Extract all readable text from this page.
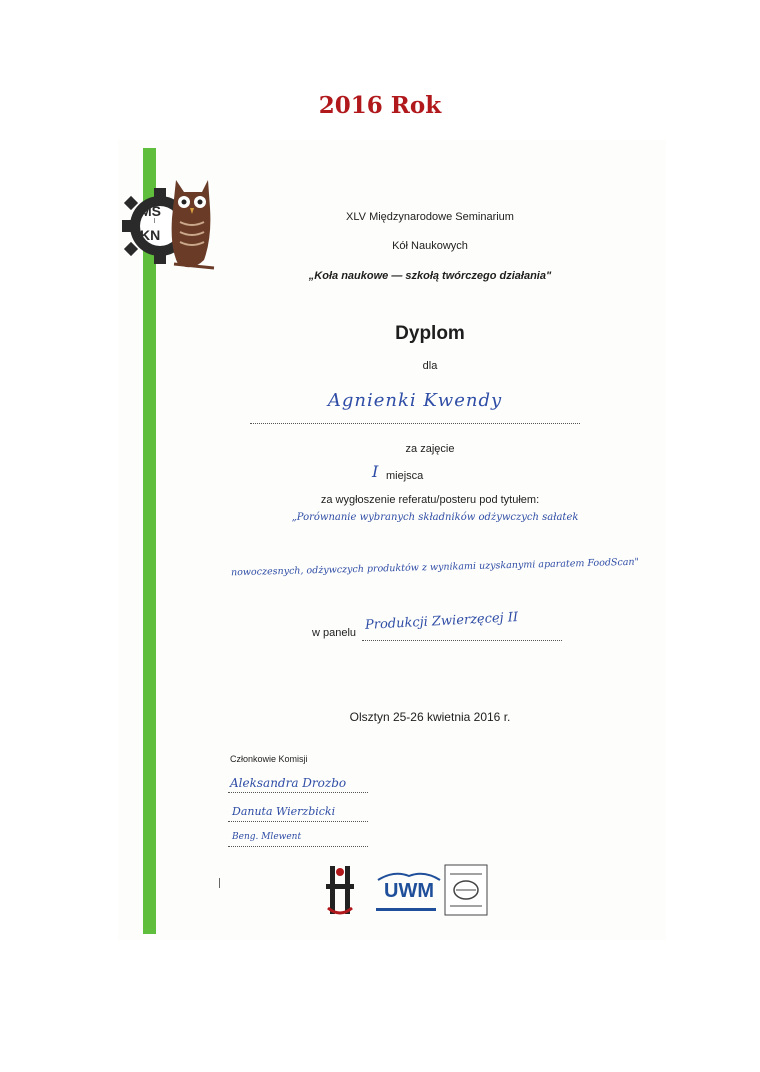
2016 Rok
MS
KN
XLV Międzynarodowe Seminarium
Kół Naukowych
„Koła naukowe — szkołą twórczego działania"
Dyplom
dla
Agnienki Kwendy
za zajęcie
I miejsca
za wygłoszenie referatu/posteru pod tytułem:
„Porównanie wybranych składników odżywczych sałatek
nowoczesnych, odżywczych produktów z wynikami uzyskanymi aparatem FoodScan"
w panelu
Produkcji Zwierzęcej II
Olsztyn 25-26 kwietnia 2016 r.
Członkowie Komisji
Aleksandra Drozbo
Danuta Wierzbicki
Beng. Mlewent
UWM
